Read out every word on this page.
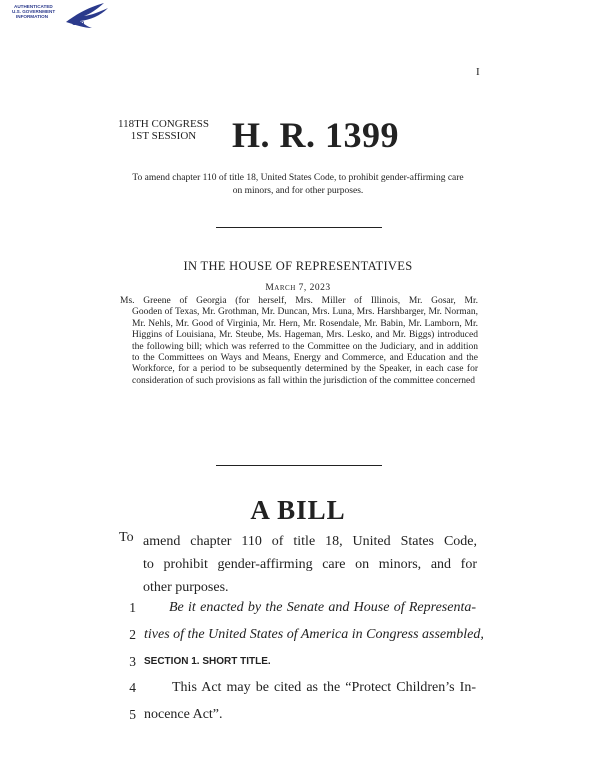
AUTHENTICATED
U.S. GOVERNMENT
INFORMATION
I
118TH CONGRESS
1ST SESSION H. R. 1399
To amend chapter 110 of title 18, United States Code, to prohibit gender-affirming care on minors, and for other purposes.
IN THE HOUSE OF REPRESENTATIVES
March 7, 2023
Ms. Greene of Georgia (for herself, Mrs. Miller of Illinois, Mr. Gosar, Mr.
Gooden of Texas, Mr. Grothman, Mr. Duncan, Mrs. Luna, Mrs. Harshbarger, Mr. Norman, Mr. Nehls, Mr. Good of Virginia, Mr. Hern, Mr. Rosendale, Mr. Babin, Mr. Lamborn, Mr. Higgins of Louisiana, Mr. Steube, Ms. Hageman, Mrs. Lesko, and Mr. Biggs) introduced the following bill; which was referred to the Committee on the Judiciary, and in addition to the Committees on Ways and Means, Energy and Commerce, and Education and the Workforce, for a period to be subsequently determined by the Speaker, in each case for consideration of such provisions as fall within the jurisdiction of the committee concerned
A BILL
To amend chapter 110 of title 18, United States Code,
to prohibit gender-affirming care on minors, and for
other purposes.
1	Be it enacted by the Senate and House of Representa-
2 tives of the United States of America in Congress assembled,
3 SECTION 1. SHORT TITLE.
4	This Act may be cited as the “Protect Children’s In-
5 nocence Act”.
